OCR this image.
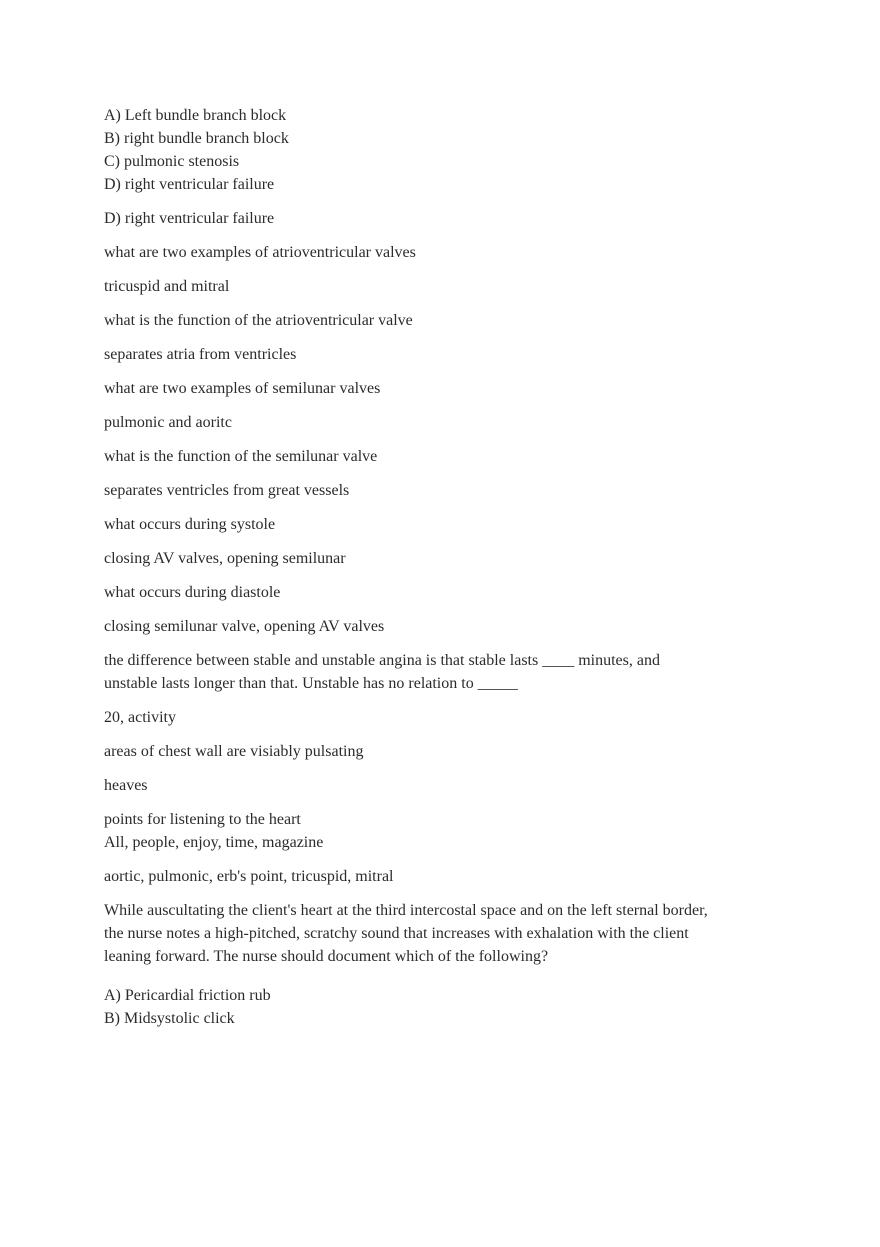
A) Left bundle branch block
B) right bundle branch block
C) pulmonic stenosis
D) right ventricular failure
D) right ventricular failure
what are two examples of atrioventricular valves
tricuspid and mitral
what is the function of the atrioventricular valve
separates atria from ventricles
what are two examples of semilunar valves
pulmonic and aoritc
what is the function of the semilunar valve
separates ventricles from great vessels
what occurs during systole
closing AV valves, opening semilunar
what occurs during diastole
closing semilunar valve, opening AV valves
the difference between stable and unstable angina is that stable lasts ____ minutes, and
unstable lasts longer than that. Unstable has no relation to _____
20, activity
areas of chest wall are visiably pulsating
heaves
points for listening to the heart
All, people, enjoy, time, magazine
aortic, pulmonic, erb's point, tricuspid, mitral
While auscultating the client's heart at the third intercostal space and on the left sternal border,
the nurse notes a high-pitched, scratchy sound that increases with exhalation with the client
leaning forward. The nurse should document which of the following?
A) Pericardial friction rub
B) Midsystolic click
